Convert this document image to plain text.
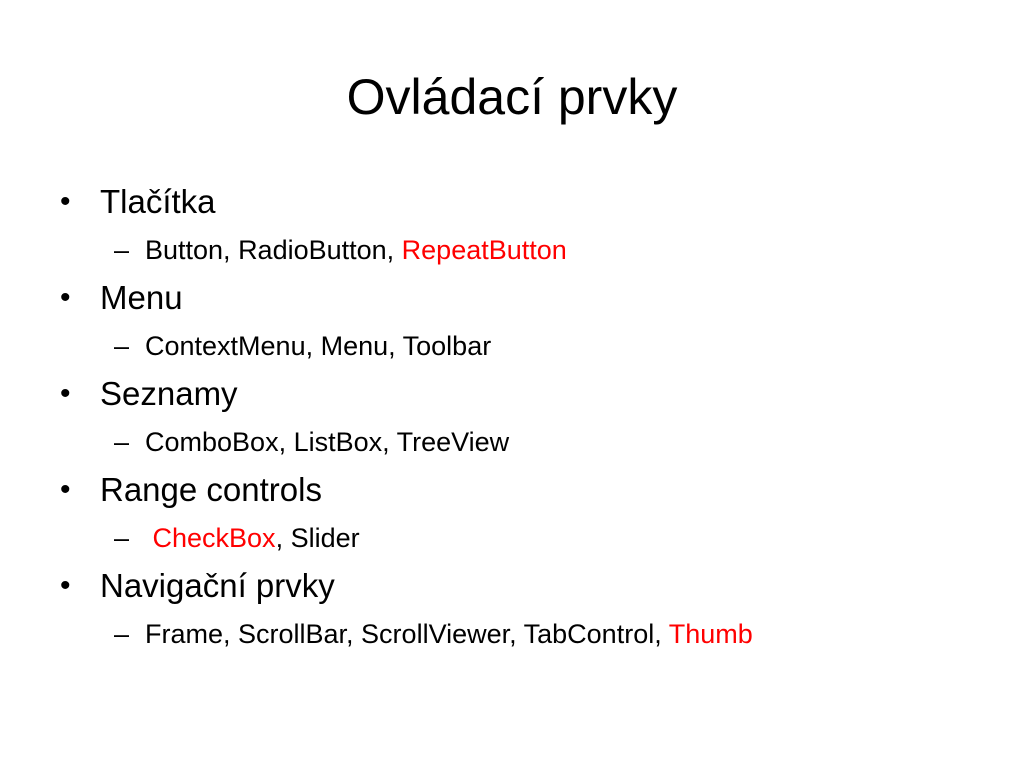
Ovládací prvky
• Tlačítka
– Button, RadioButton, RepeatButton
• Menu
– ContextMenu, Menu, Toolbar
• Seznamy
– ComboBox, ListBox, TreeView
• Range controls
– CheckBox, Slider
• Navigační prvky
– Frame, ScrollBar, ScrollViewer, TabControl, Thumb
